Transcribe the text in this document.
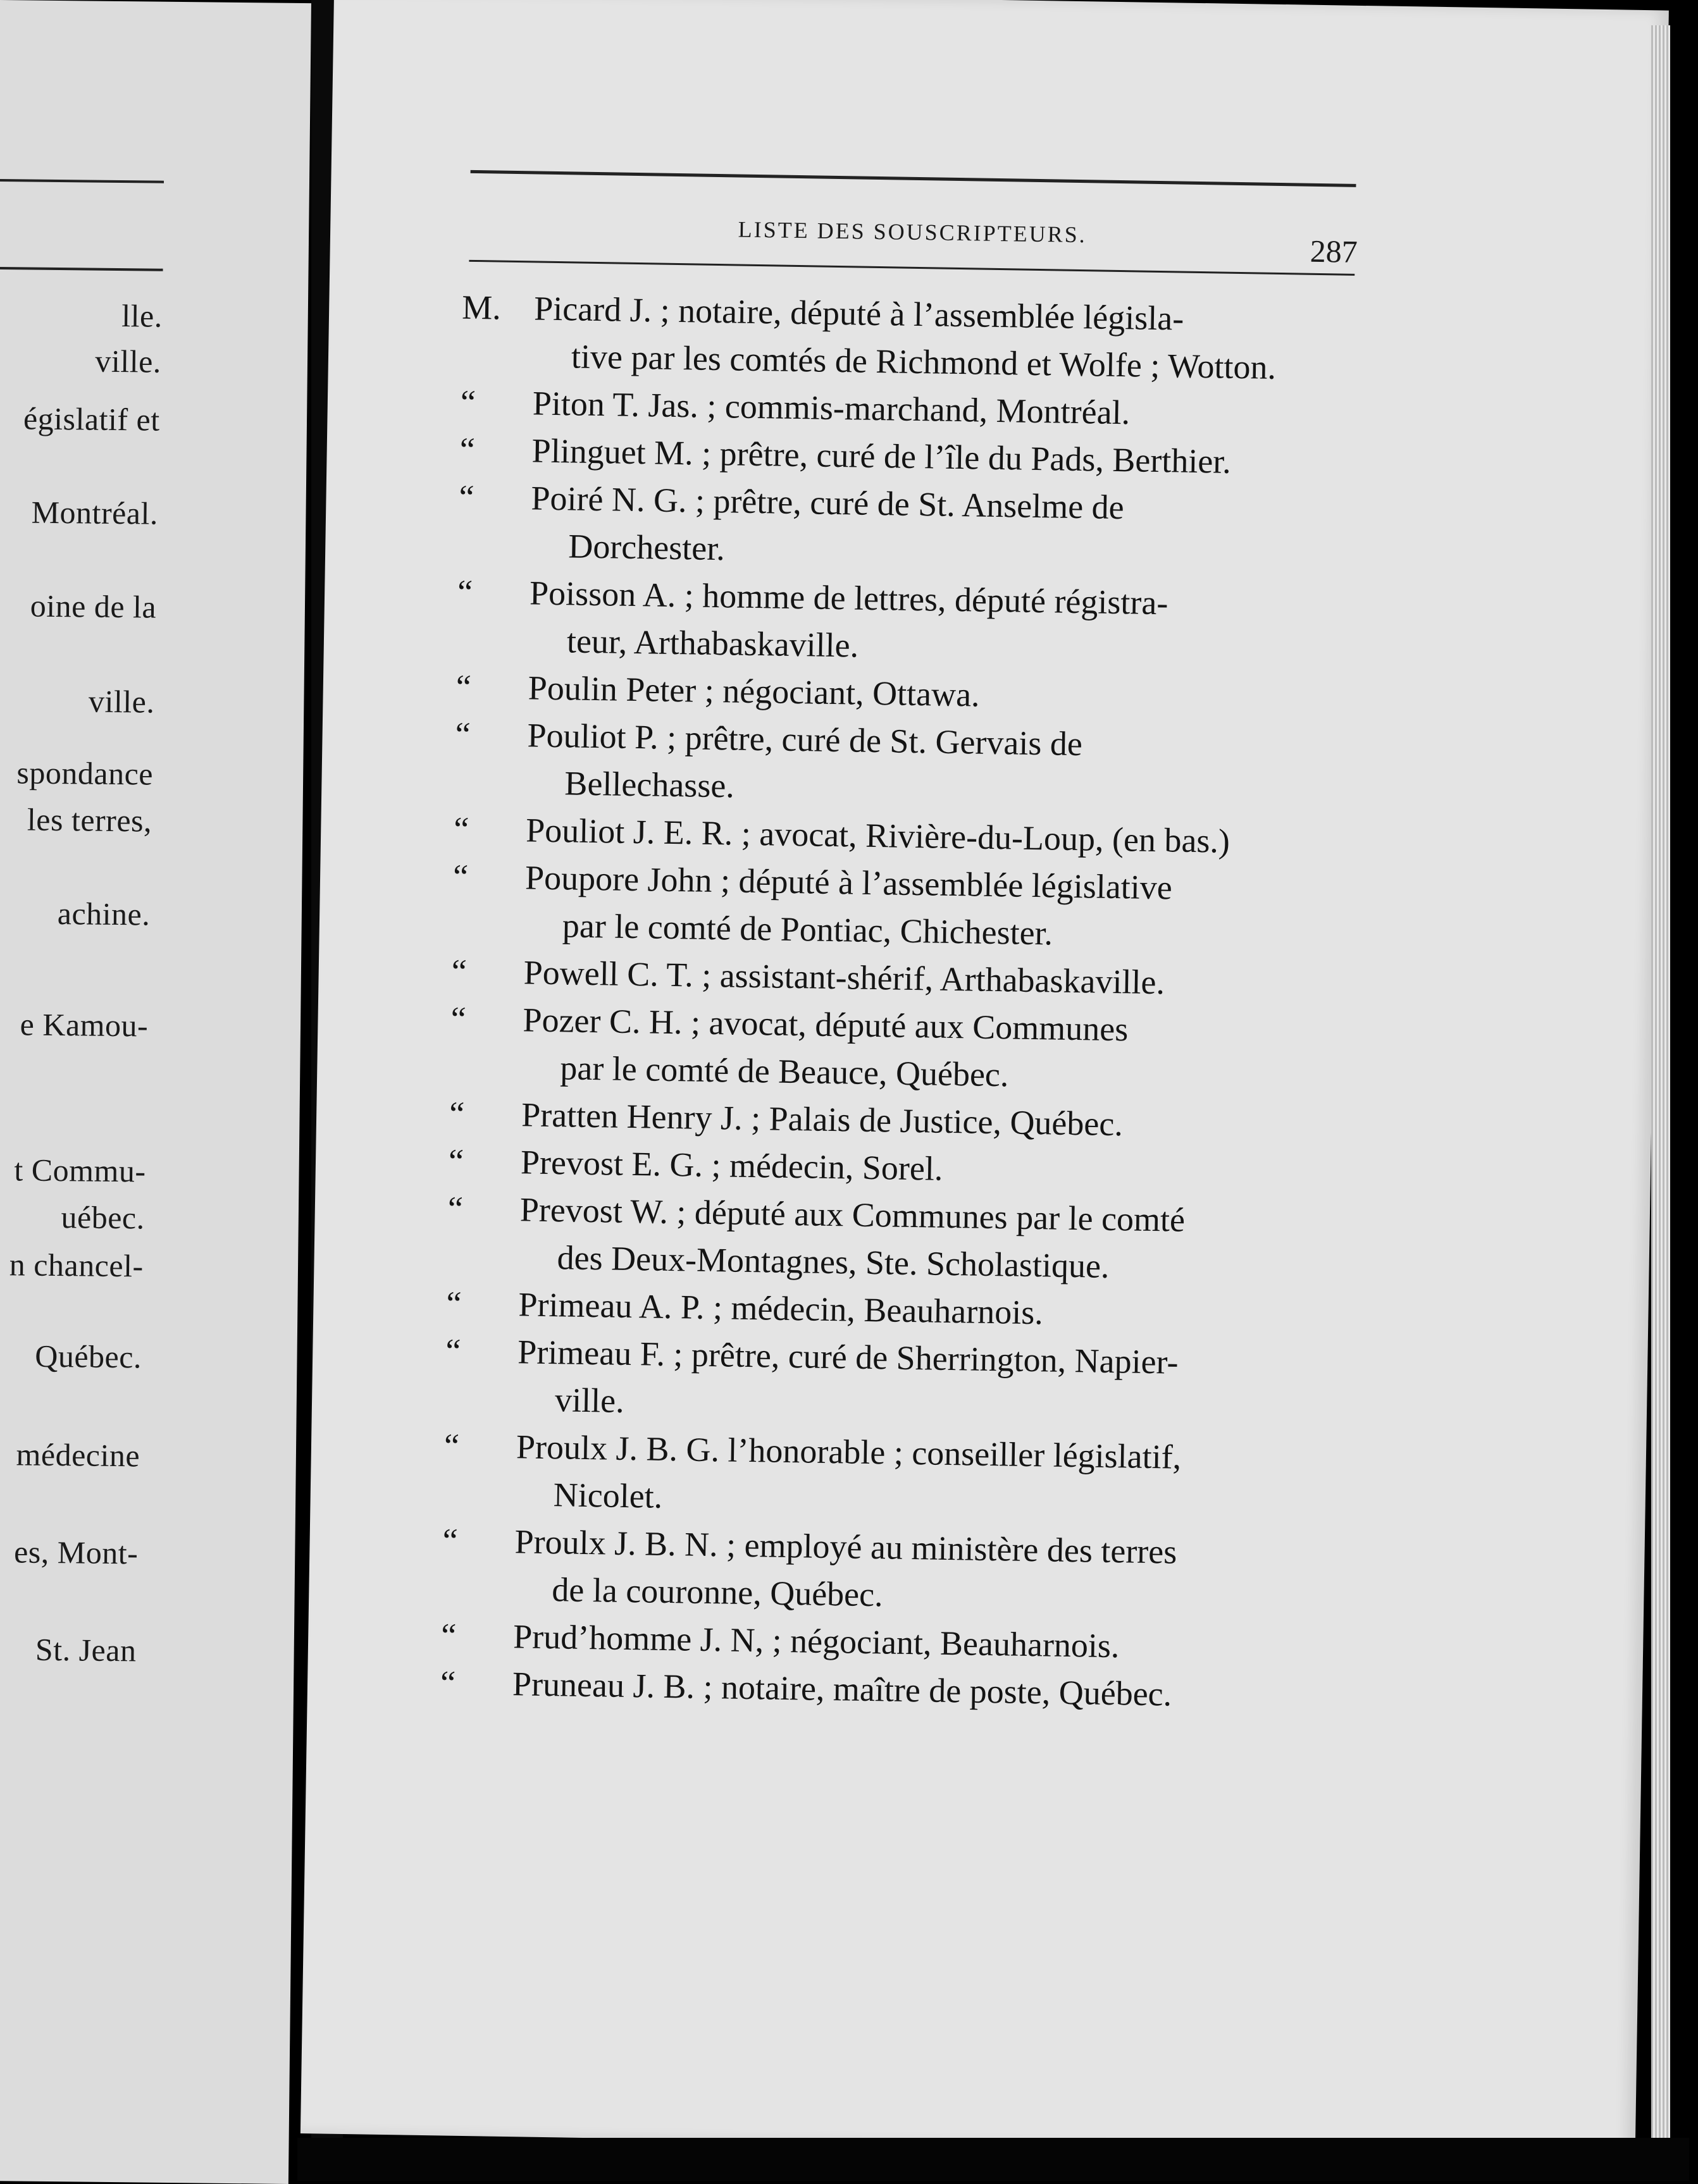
lle.
ville.
égislatif et
Montréal.
oine de la
ville.
spondance
les terres,
achine.
e Kamou-
t Commu-
uébec.
n chancel-
Québec.
médecine
es, Mont-
St. Jean
LISTE DES SOUSCRIPTEURS.
287
M. Picard J. ; notaire, député à l’assemblée législa-
tive par les comtés de Richmond et Wolfe ; Wotton.
“	Piton T. Jas. ; commis-marchand, Montréal.
“	Plinguet M. ; prêtre, curé de l’île du Pads, Berthier.
“	Poiré N. G. ; prêtre, curé de St. Anselme de
Dorchester.
“	Poisson A. ; homme de lettres, député régistra-
teur, Arthabaskaville.
“	Poulin Peter ; négociant, Ottawa.
“	Pouliot P. ; prêtre, curé de St. Gervais de
Bellechasse.
“	Pouliot J. E. R. ; avocat, Rivière-du-Loup, (en bas.)
“	Poupore John ; député à l’assemblée législative
par le comté de Pontiac, Chichester.
“	Powell C. T. ; assistant-shérif, Arthabaskaville.
“	Pozer C. H. ; avocat, député aux Communes
par le comté de Beauce, Québec.
“	Pratten Henry J. ; Palais de Justice, Québec.
“	Prevost E. G. ; médecin, Sorel.
“	Prevost W. ; député aux Communes par le comté
des Deux-Montagnes, Ste. Scholastique.
“	Primeau A. P. ; médecin, Beauharnois.
“	Primeau F. ; prêtre, curé de Sherrington, Napier-
ville.
“	Proulx J. B. G. l’honorable ; conseiller législatif,
Nicolet.
“	Proulx J. B. N. ; employé au ministère des terres
de la couronne, Québec.
“	Prud’homme J. N, ; négociant, Beauharnois.
“	Pruneau J. B. ; notaire, maître de poste, Québec.
